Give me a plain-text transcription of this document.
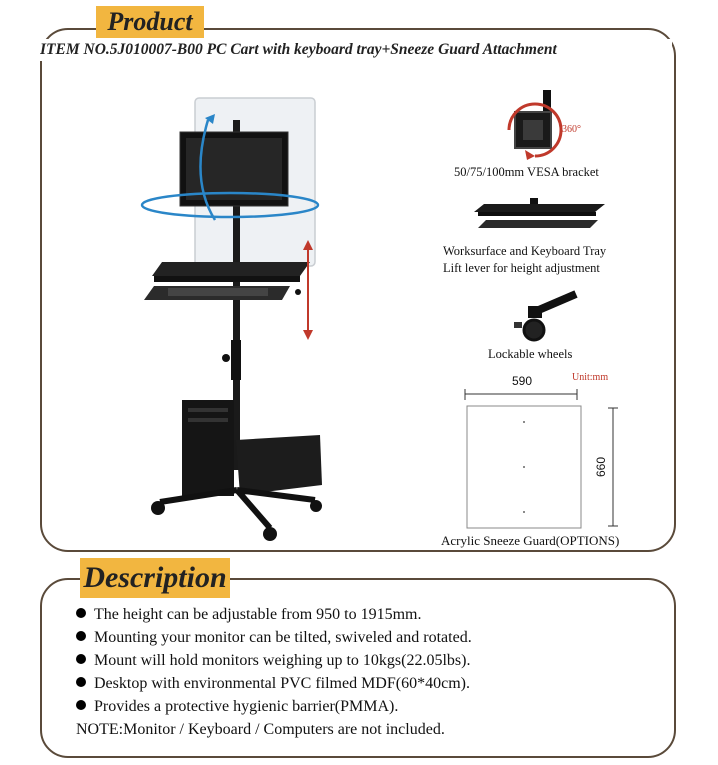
Product
ITEM NO.5J010007-B00 PC Cart with keyboard tray+Sneeze Guard Attachment
360°
50/75/100mm VESA bracket
Worksurface and Keyboard Tray
Lift lever for height adjustment
Lockable wheels
Unit:mm
590
660
Acrylic Sneeze Guard(OPTIONS)
Description
The height can be adjustable from 950 to 1915mm.
Mounting your monitor can be tilted, swiveled and rotated.
Mount will hold monitors weighing up to 10kgs(22.05lbs).
Desktop with environmental PVC filmed MDF(60*40cm).
Provides a protective hygienic barrier(PMMA).
NOTE:Monitor / Keyboard / Computers are not included.
